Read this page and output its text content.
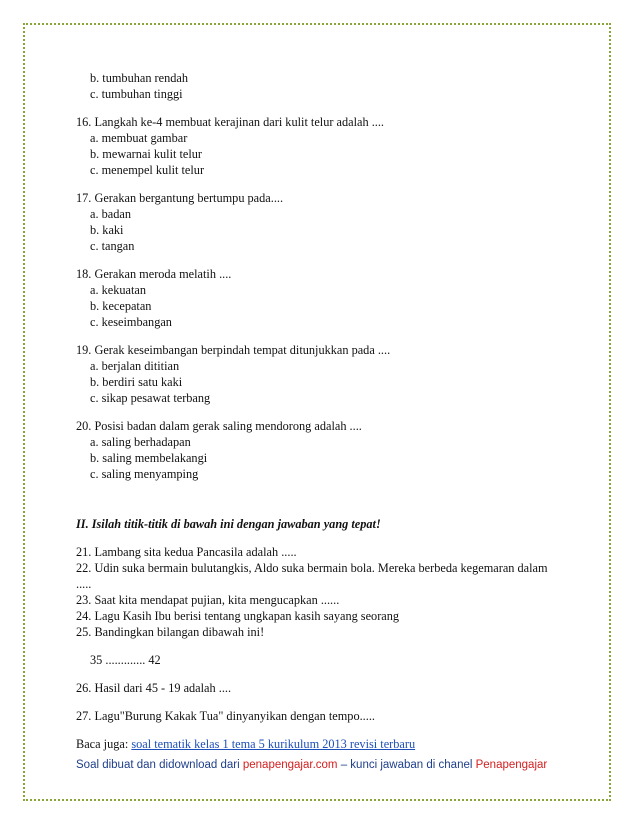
b. tumbuhan rendah

c. tumbuhan tinggi

16. Langkah ke-4 membuat kerajinan dari kulit telur adalah ....

a. membuat gambar

b. mewarnai kulit telur

c. menempel kulit telur

17. Gerakan bergantung bertumpu pada....

a. badan

b. kaki

c. tangan

18. Gerakan meroda melatih ....

a. kekuatan

b. kecepatan

c. keseimbangan

19. Gerak keseimbangan berpindah tempat ditunjukkan pada ....

a. berjalan dititian

b. berdiri satu kaki

c. sikap pesawat terbang

20. Posisi badan dalam gerak saling mendorong adalah ....

a. saling berhadapan

b. saling membelakangi

c. saling menyamping

II. Isilah titik-titik di bawah ini dengan jawaban yang tepat!

21. Lambang sita kedua Pancasila adalah .....

22. Udin suka bermain bulutangkis, Aldo suka bermain bola. Mereka berbeda kegemaran dalam

.....

23. Saat kita mendapat pujian, kita mengucapkan ......

24. Lagu Kasih Ibu berisi tentang ungkapan kasih sayang seorang

25. Bandingkan bilangan dibawah ini!

35 ............. 42

26. Hasil dari 45 - 19 adalah ....

27. Lagu"Burung Kakak Tua" dinyanyikan dengan tempo.....

Baca juga: soal tematik kelas 1 tema 5 kurikulum 2013 revisi terbaru

Soal dibuat dan didownload dari penapengajar.com – kunci jawaban di chanel Penapengajar
